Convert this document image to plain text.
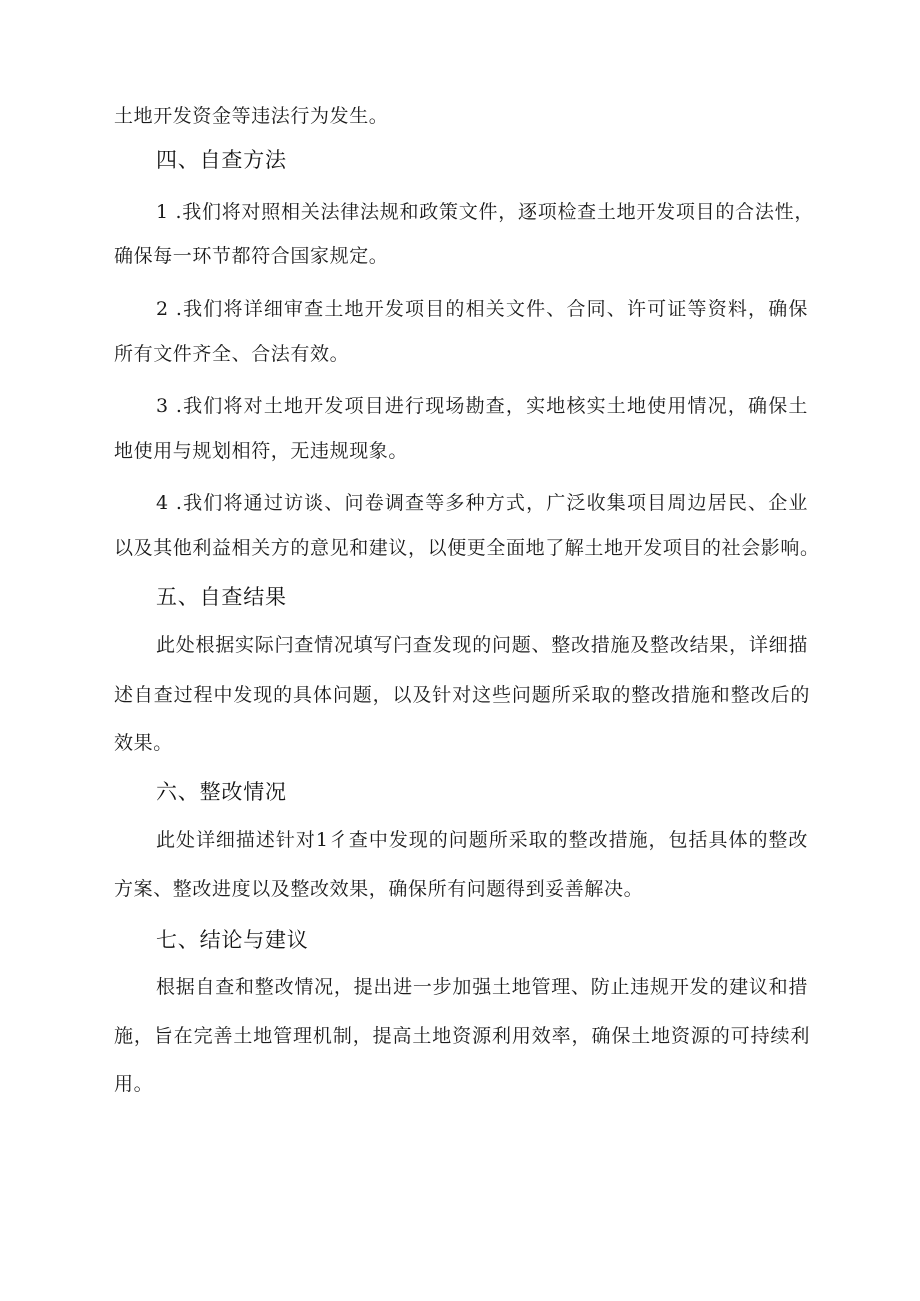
土地开发资金等违法行为发生。
四、自查方法
1 .我们将对照相关法律法规和政策文件，逐项检查土地开发项目的合法性，
确保每一环节都符合国家规定。
2 .我们将详细审查土地开发项目的相关文件、合同、许可证等资料，确保
所有文件齐全、合法有效。
3 .我们将对土地开发项目进行现场勘查，实地核实土地使用情况，确保土
地使用与规划相符，无违规现象。
4 .我们将通过访谈、问卷调查等多种方式，广泛收集项目周边居民、企业
以及其他利益相关方的意见和建议，以便更全面地了解土地开发项目的社会影响。
五、自查结果
此处根据实际闩查情况填写闩查发现的问题、整改措施及整改结果，详细描
述自查过程中发现的具体问题，以及针对这些问题所采取的整改措施和整改后的
效果。
六、整改情况
此处详细描述针对1彳查中发现的问题所采取的整改措施，包括具体的整改
方案、整改进度以及整改效果，确保所有问题得到妥善解决。
七、结论与建议
根据自查和整改情况，提出进一步加强土地管理、防止违规开发的建议和措
施，旨在完善土地管理机制，提高土地资源利用效率，确保土地资源的可持续利
用。
